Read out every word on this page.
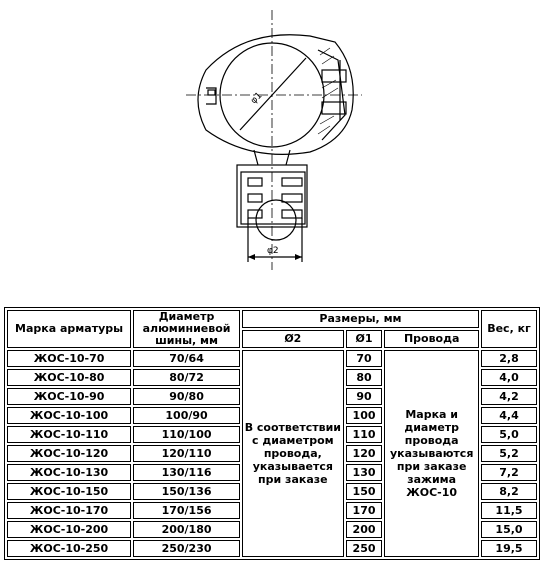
φ1
φ2
Марка арматуры	Диаметр алюминиевой шины, мм	Размеры, мм			Вес, кг
		Ø2	Ø1	Провода	
ЖОС-10-70	70/64	В соответствии с диаметром провода, указывается при заказе	70	Марка и диаметр провода указываются при заказе зажима ЖОС-10	2,8
ЖОС-10-80	80/72		80		4,0
ЖОС-10-90	90/80		90		4,2
ЖОС-10-100	100/90		100		4,4
ЖОС-10-110	110/100		110		5,0
ЖОС-10-120	120/110		120		5,2
ЖОС-10-130	130/116		130		7,2
ЖОС-10-150	150/136		150		8,2
ЖОС-10-170	170/156		170		11,5
ЖОС-10-200	200/180		200		15,0
ЖОС-10-250	250/230		250		19,5
